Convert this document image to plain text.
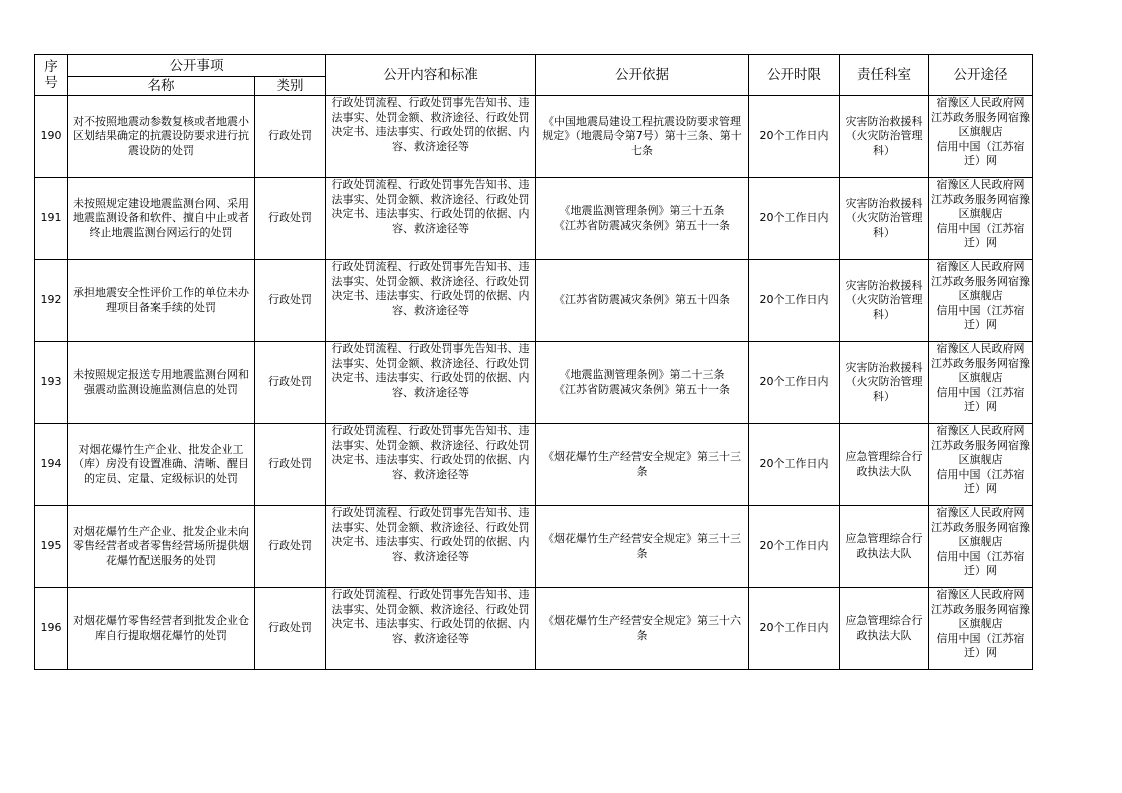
序
号	公开事项		公开内容和标准	公开依据	公开时限	责任科室	公开途径
	名称	类别					

190	对不按照地震动参数复核或者地震小区划结果确定的抗震设防要求进行抗震设防的处罚	行政处罚	行政处罚流程、行政处罚事先告知书、违法事实、处罚金额、救济途径、行政处罚决定书、违法事实、行政处罚的依据、内容、救济途径等	《中国地震局建设工程抗震设防要求管理规定》（地震局令第7号）第十三条、第十七条	20个工作日内	灾害防治救援科（火灾防治管理科）	宿豫区人民政府网
江苏政务服务网宿豫区旗舰店
信用中国（江苏宿迁）网

191	未按照规定建设地震监测台网、采用地震监测设备和软件、擅自中止或者终止地震监测台网运行的处罚	行政处罚	行政处罚流程、行政处罚事先告知书、违法事实、处罚金额、救济途径、行政处罚决定书、违法事实、行政处罚的依据、内容、救济途径等	《地震监测管理条例》第三十五条
《江苏省防震减灾条例》第五十一条	20个工作日内	灾害防治救援科（火灾防治管理科）	宿豫区人民政府网
江苏政务服务网宿豫区旗舰店
信用中国（江苏宿迁）网

192	承担地震安全性评价工作的单位未办理项目备案手续的处罚	行政处罚	行政处罚流程、行政处罚事先告知书、违法事实、处罚金额、救济途径、行政处罚决定书、违法事实、行政处罚的依据、内容、救济途径等	《江苏省防震减灾条例》第五十四条	20个工作日内	灾害防治救援科（火灾防治管理科）	宿豫区人民政府网
江苏政务服务网宿豫区旗舰店
信用中国（江苏宿迁）网

193	未按照规定报送专用地震监测台网和强震动监测设施监测信息的处罚	行政处罚	行政处罚流程、行政处罚事先告知书、违法事实、处罚金额、救济途径、行政处罚决定书、违法事实、行政处罚的依据、内容、救济途径等	《地震监测管理条例》第二十三条
《江苏省防震减灾条例》第五十一条	20个工作日内	灾害防治救援科（火灾防治管理科）	宿豫区人民政府网
江苏政务服务网宿豫区旗舰店
信用中国（江苏宿迁）网

194	对烟花爆竹生产企业、批发企业工（库）房没有设置准确、清晰、醒目的定员、定量、定级标识的处罚	行政处罚	行政处罚流程、行政处罚事先告知书、违法事实、处罚金额、救济途径、行政处罚决定书、违法事实、行政处罚的依据、内容、救济途径等	《烟花爆竹生产经营安全规定》第三十三条	20个工作日内	应急管理综合行政执法大队	宿豫区人民政府网
江苏政务服务网宿豫区旗舰店
信用中国（江苏宿迁）网

195	对烟花爆竹生产企业、批发企业未向零售经营者或者零售经营场所提供烟花爆竹配送服务的处罚	行政处罚	行政处罚流程、行政处罚事先告知书、违法事实、处罚金额、救济途径、行政处罚决定书、违法事实、行政处罚的依据、内容、救济途径等	《烟花爆竹生产经营安全规定》第三十三条	20个工作日内	应急管理综合行政执法大队	宿豫区人民政府网
江苏政务服务网宿豫区旗舰店
信用中国（江苏宿迁）网

196	对烟花爆竹零售经营者到批发企业仓库自行提取烟花爆竹的处罚	行政处罚	行政处罚流程、行政处罚事先告知书、违法事实、处罚金额、救济途径、行政处罚决定书、违法事实、行政处罚的依据、内容、救济途径等	《烟花爆竹生产经营安全规定》第三十六条	20个工作日内	应急管理综合行政执法大队	宿豫区人民政府网
江苏政务服务网宿豫区旗舰店
信用中国（江苏宿迁）网
